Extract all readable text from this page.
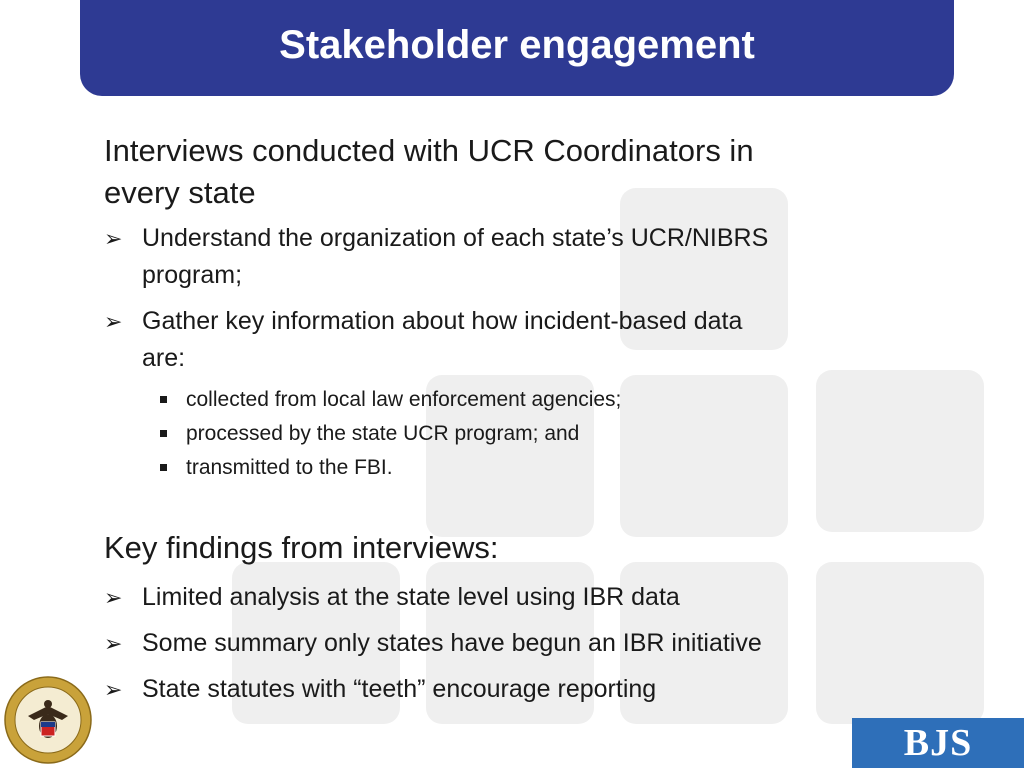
Stakeholder engagement
Interviews conducted with UCR Coordinators in
every state
➢ Understand the organization of each state’s UCR/NIBRS
program;
➢ Gather key information about how incident-based data
are:
collected from local law enforcement agencies;
processed by the state UCR program; and
transmitted to the FBI.
Key findings from interviews:
➢ Limited analysis at the state level using IBR data
➢ Some summary only states have begun an IBR initiative
➢ State statutes with “teeth” encourage reporting
BJS
